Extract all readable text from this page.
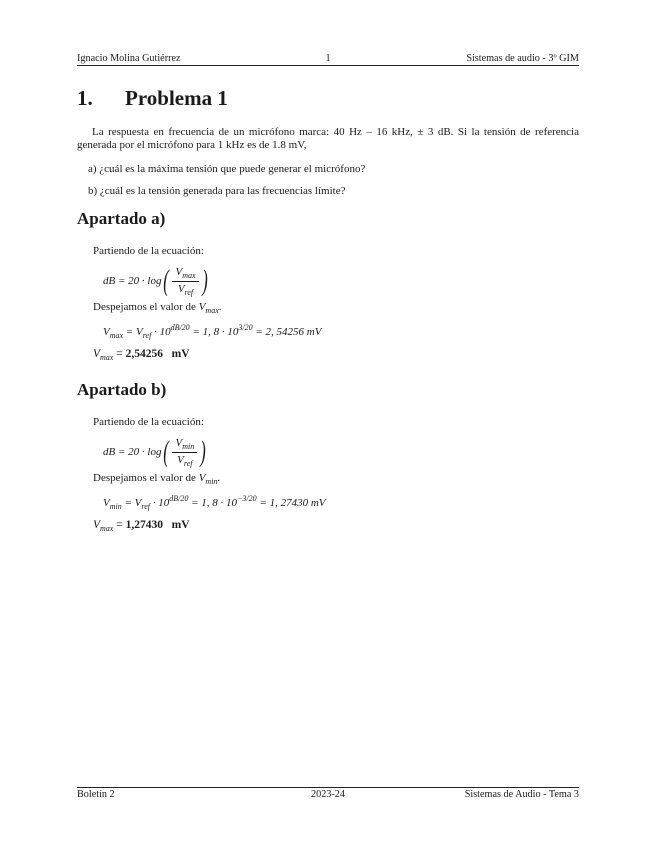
Ignacio Molina Gutiérrez	1	Sistemas de audio - 3º GIM
1. Problema 1
La respuesta en frecuencia de un micrófono marca: 40 Hz – 16 kHz, ± 3 dB. Si la tensión de referencia generada por el micrófono para 1 kHz es de 1.8 mV,
a) ¿cuál es la máxima tensión que puede generar el micrófono?
b) ¿cuál es la tensión generada para las frecuencias límite?
Apartado a)
Partiendo de la ecuación:
dB = 20 · log ( $\frac{V_{max}}{V_{ref}}$ )
Despejamos el valor de $V_{max}$.
$V_{max} = V_{ref} \cdot 10^{dB/20} = 1$, $8 \cdot 10^{3/20} = 2$, 54256 mV
$V_{max} = 2,54256$ mV
Apartado b)
Partiendo de la ecuación:
dB = 20 · log ( $\frac{V_{min}}{V_{ref}}$ )
Despejamos el valor de $V_{min}$.
$V_{min} = V_{ref} \cdot 10^{dB/20} = 1$, $8 \cdot 10^{-3/20} = 1$, 27430 mV
$V_{max} = 1,27430$ mV
Boletín 2	2023-24	Sistemas de Audio - Tema 3
